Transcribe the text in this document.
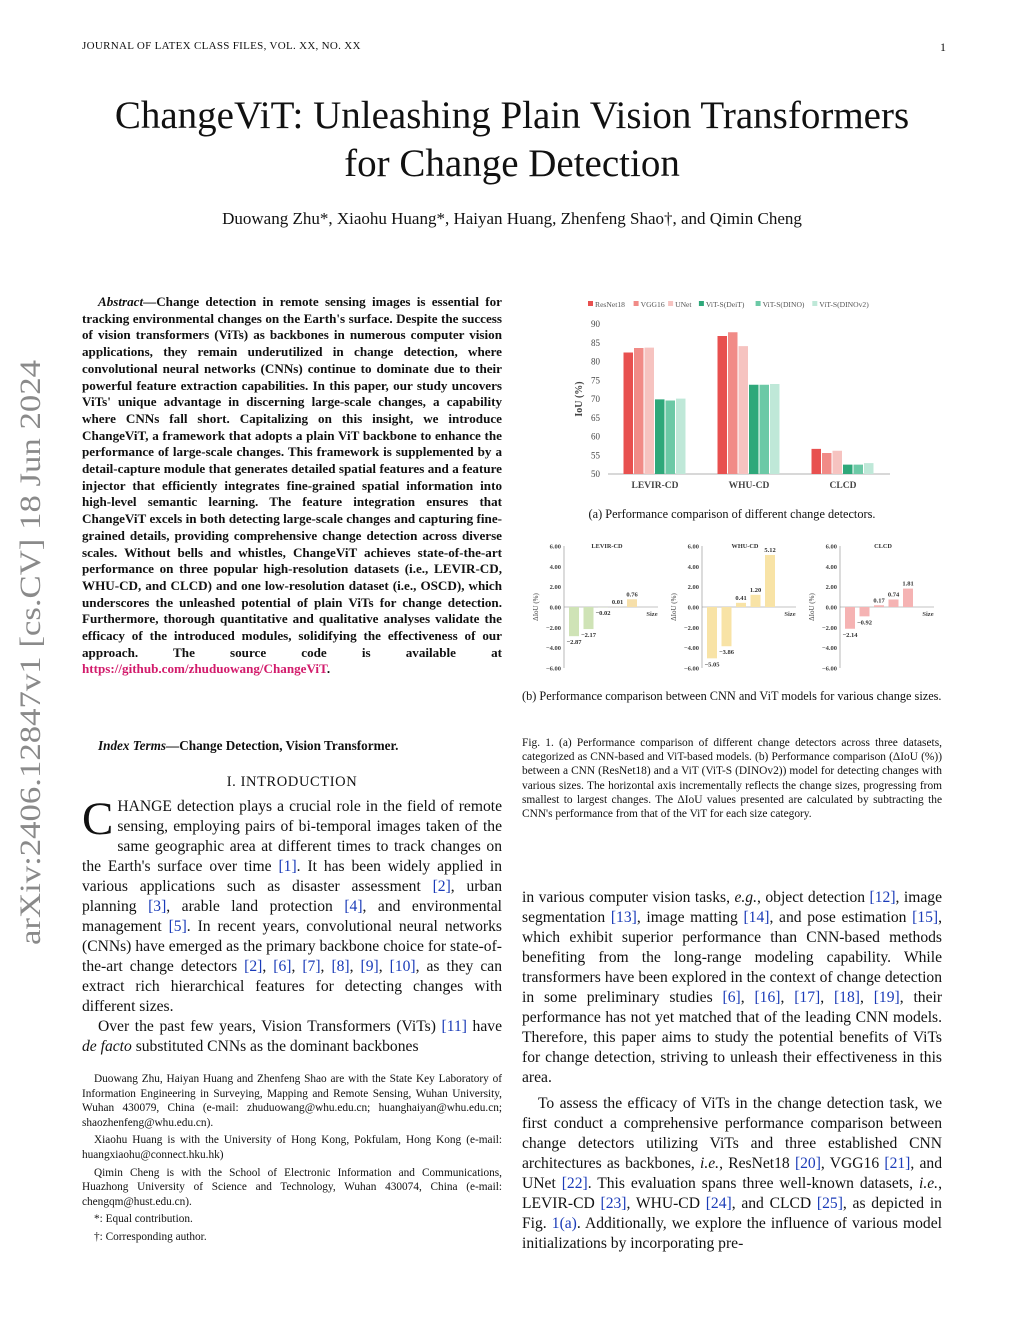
JOURNAL OF LATEX CLASS FILES, VOL. XX, NO. XX	1
ChangeViT: Unleashing Plain Vision Transformers
for Change Detection
Duowang Zhu*, Xiaohu Huang*, Haiyan Huang, Zhenfeng Shao†, and Qimin Cheng
arXiv:2406.12847v1 [cs.CV] 18 Jun 2024
Abstract—Change detection in remote sensing images is essential for tracking environmental changes on the Earth's surface. Despite the success of vision transformers (ViTs) as backbones in numerous computer vision applications, they remain underutilized in change detection, where convolutional neural networks (CNNs) continue to dominate due to their powerful feature extraction capabilities. In this paper, our study uncovers ViTs' unique advantage in discerning large-scale changes, a capability where CNNs fall short. Capitalizing on this insight, we introduce ChangeViT, a framework that adopts a plain ViT backbone to enhance the performance of large-scale changes. This framework is supplemented by a detail-capture module that generates detailed spatial features and a feature injector that efficiently integrates fine-grained spatial information into high-level semantic learning. The feature integration ensures that ChangeViT excels in both detecting large-scale changes and capturing fine-grained details, providing comprehensive change detection across diverse scales. Without bells and whistles, ChangeViT achieves state-of-the-art performance on three popular high-resolution datasets (i.e., LEVIR-CD, WHU-CD, and CLCD) and one low-resolution dataset (i.e., OSCD), which underscores the unleashed potential of plain ViTs for change detection. Furthermore, thorough quantitative and qualitative analyses validate the efficacy of the introduced modules, solidifying the effectiveness of our approach. The source code is available at https://github.com/zhuduowang/ChangeViT.
Index Terms—Change Detection, Vision Transformer.
I. INTRODUCTION
CHANGE detection plays a crucial role in the field of remote sensing, employing pairs of bi-temporal images taken of the same geographic area at different times to track changes on the Earth's surface over time [1]. It has been widely applied in various applications such as disaster assessment [2], urban planning [3], arable land protection [4], and environmental management [5]. In recent years, convolutional neural networks (CNNs) have emerged as the primary backbone choice for state-of-the-art change detectors [2], [6], [7], [8], [9], [10], as they can extract rich hierarchical features for detecting changes with different sizes.

Over the past few years, Vision Transformers (ViTs) [11] have de facto substituted CNNs as the dominant backbones

Duowang Zhu, Haiyan Huang and Zhenfeng Shao are with the State Key Laboratory of Information Engineering in Surveying, Mapping and Remote Sensing, Wuhan University, Wuhan 430079, China (e-mail: zhuduowang@whu.edu.cn; huanghaiyan@whu.edu.cn; shaozhenfeng@whu.edu.cn).

Xiaohu Huang is with the University of Hong Kong, Pokfulam, Hong Kong (e-mail: huangxiaohu@connect.hku.hk)

Qimin Cheng is with the School of Electronic Information and Communications, Huazhong University of Science and Technology, Wuhan 430074, China (e-mail: chengqm@hust.edu.cn).

*: Equal contribution.

†: Corresponding author.

ResNet18 VGG16 UNet ViT-S(DeiT) ViT-S(DINO) ViT-S(DINOv2)
50
55
60
65
70
75
80
85
90
IoU (%)
LEVIR-CD	WHU-CD	CLCD
(a) Performance comparison of different change detectors.
6.00
4.00
2.00
0.00
−2.00
−4.00
−6.00
ΔIoU (%)
LEVIR-CD
−2.87
−2.17
−0.02
0.01
0.76
Size
6.00
4.00
2.00
0.00
−2.00
−4.00
−6.00
ΔIoU (%)
WHU-CD
−5.05
−3.86
0.41
1.20
5.12
Size
6.00
4.00
2.00
0.00
−2.00
−4.00
−6.00
ΔIoU (%)
CLCD
−2.14
−0.92
0.17
0.74
1.81
Size
(b) Performance comparison between CNN and ViT models for various change sizes.
Fig. 1. (a) Performance comparison of different change detectors across three datasets, categorized as CNN-based and ViT-based models. (b) Performance comparison (ΔIoU (%)) between a CNN (ResNet18) and a ViT (ViT-S (DINOv2)) model for detecting changes with various sizes. The horizontal axis incrementally reflects the change sizes, progressing from smallest to largest changes. The ΔIoU values presented are calculated by subtracting the CNN's performance from that of the ViT for each size category.

in various computer vision tasks, e.g., object detection [12], image segmentation [13], image matting [14], and pose estimation [15], which exhibit superior performance than CNN-based methods benefiting from the long-range modeling capability. While transformers have been explored in the context of change detection in some preliminary studies [6], [16], [17], [18], [19], their performance has not yet matched that of the leading CNN models. Therefore, this paper aims to study the potential benefits of ViTs for change detection, striving to unleash their effectiveness in this area.

To assess the efficacy of ViTs in the change detection task, we first conduct a comprehensive performance comparison between change detectors utilizing ViTs and three established CNN architectures as backbones, i.e., ResNet18 [20], VGG16 [21], and UNet [22]. This evaluation spans three well-known datasets, i.e., LEVIR-CD [23], WHU-CD [24], and CLCD [25], as depicted in Fig. 1(a). Additionally, we explore the influence of various model initializations by incorporating pre-
